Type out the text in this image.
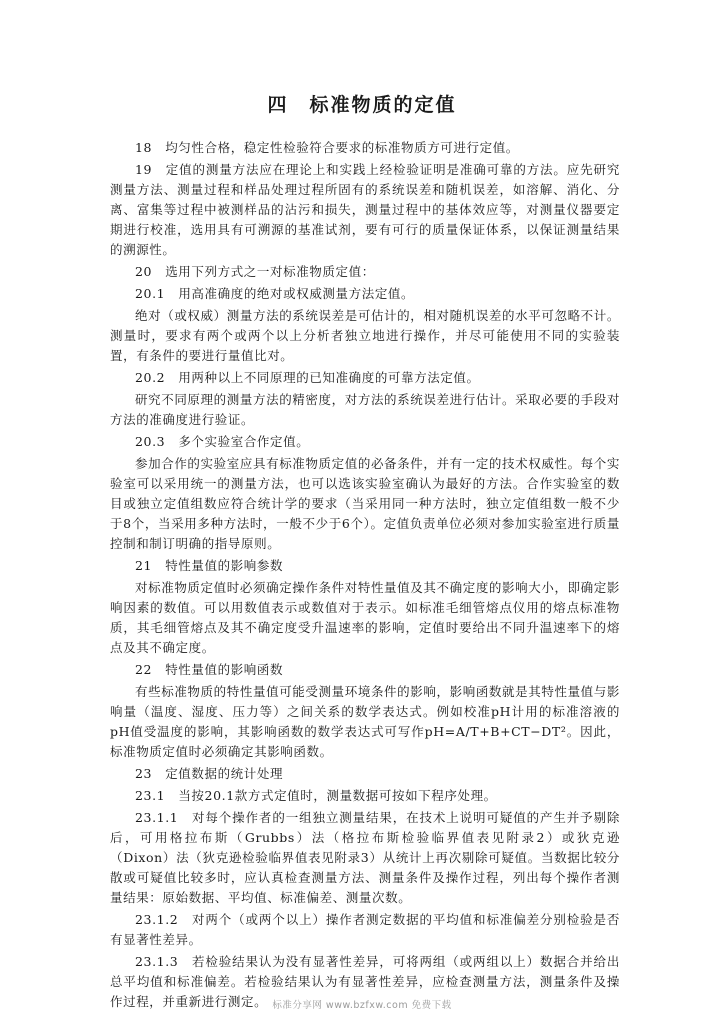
四　标准物质的定值

18　均匀性合格，稳定性检验符合要求的标准物质方可进行定值。

19　定值的测量方法应在理论上和实践上经检验证明是准确可靠的方法。应先研究测量方法、测量过程和样品处理过程所固有的系统误差和随机误差，如溶解、消化、分离、富集等过程中被测样品的沾污和损失，测量过程中的基体效应等，对测量仪器要定期进行校准，选用具有可溯源的基准试剂，要有可行的质量保证体系，以保证测量结果的溯源性。

20　选用下列方式之一对标准物质定值：

20.1　用高准确度的绝对或权威测量方法定值。

绝对（或权威）测量方法的系统误差是可估计的，相对随机误差的水平可忽略不计。测量时，要求有两个或两个以上分析者独立地进行操作，并尽可能使用不同的实验装置，有条件的要进行量值比对。

20.2　用两种以上不同原理的已知准确度的可靠方法定值。

研究不同原理的测量方法的精密度，对方法的系统误差进行估计。采取必要的手段对方法的准确度进行验证。

20.3　多个实验室合作定值。

参加合作的实验室应具有标准物质定值的必备条件，并有一定的技术权威性。每个实验室可以采用统一的测量方法，也可以选该实验室确认为最好的方法。合作实验室的数目或独立定值组数应符合统计学的要求（当采用同一种方法时，独立定值组数一般不少于8个，当采用多种方法时，一般不少于6个）。定值负责单位必须对参加实验室进行质量控制和制订明确的指导原则。

21　特性量值的影响参数

对标准物质定值时必须确定操作条件对特性量值及其不确定度的影响大小，即确定影响因素的数值。可以用数值表示或数值对于表示。如标准毛细管熔点仪用的熔点标准物质，其毛细管熔点及其不确定度受升温速率的影响，定值时要给出不同升温速率下的熔点及其不确定度。

22　特性量值的影响函数

有些标准物质的特性量值可能受测量环境条件的影响，影响函数就是其特性量值与影响量（温度、湿度、压力等）之间关系的数学表达式。例如校准pH计用的标准溶液的pH值受温度的影响，其影响函数的数学表达式可写作pH=A/T+B+CT−DT²。因此，标准物质定值时必须确定其影响函数。

23　定值数据的统计处理

23.1　当按20.1款方式定值时，测量数据可按如下程序处理。

23.1.1　对每个操作者的一组独立测量结果，在技术上说明可疑值的产生并予剔除后，可用格拉布斯（Grubbs）法（格拉布斯检验临界值表见附录2）或狄克逊（Dixon）法（狄克逊检验临界值表见附录3）从统计上再次剔除可疑值。当数据比较分散或可疑值比较多时，应认真检查测量方法、测量条件及操作过程，列出每个操作者测量结果：原始数据、平均值、标准偏差、测量次数。

23.1.2　对两个（或两个以上）操作者测定数据的平均值和标准偏差分别检验是否有显著性差异。

23.1.3　若检验结果认为没有显著性差异，可将两组（或两组以上）数据合并给出总平均值和标准偏差。若检验结果认为有显著性差异，应检查测量方法，测量条件及操作过程，并重新进行测定。 标准分享网 www.bzfxw.com 免费下载
